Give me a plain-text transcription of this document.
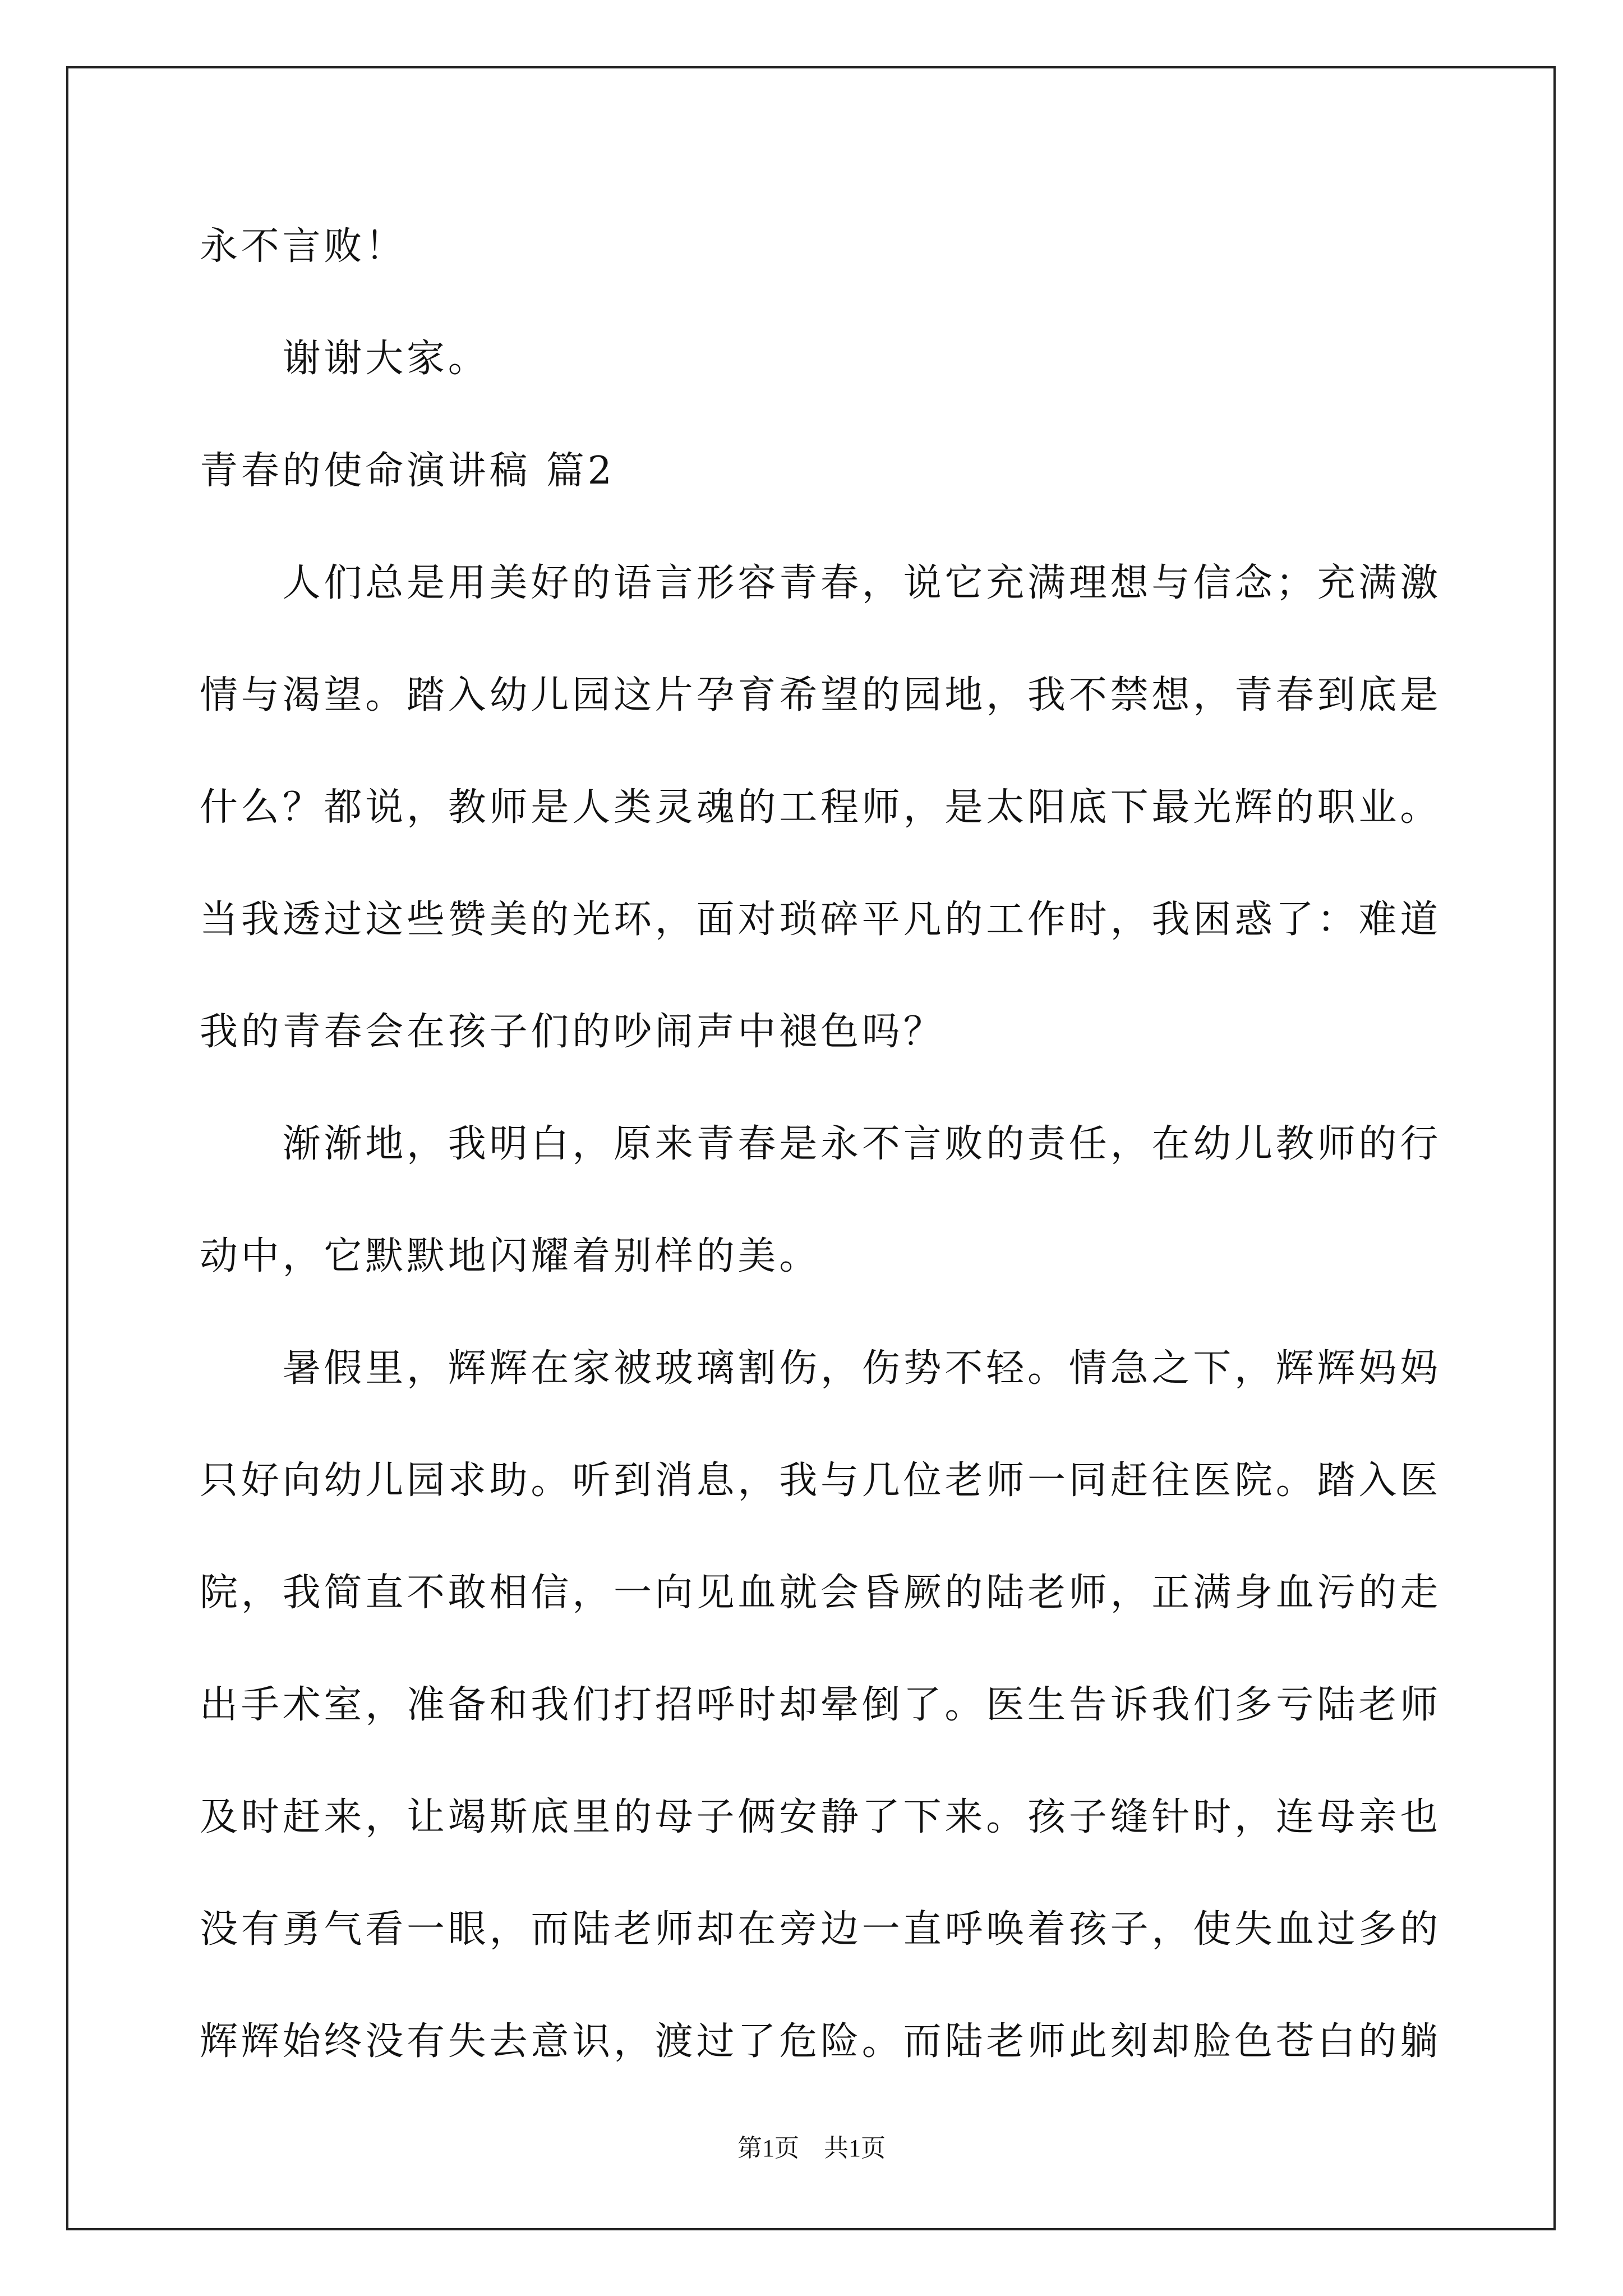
永不言败！

　　谢谢大家。

青春的使命演讲稿 篇2

　　人们总是用美好的语言形容青春，说它充满理想与信念；充满激

情与渴望。踏入幼儿园这片孕育希望的园地，我不禁想，青春到底是

什么？都说，教师是人类灵魂的工程师，是太阳底下最光辉的职业。

当我透过这些赞美的光环，面对琐碎平凡的工作时，我困惑了：难道

我的青春会在孩子们的吵闹声中褪色吗？

　　渐渐地，我明白，原来青春是永不言败的责任，在幼儿教师的行

动中，它默默地闪耀着别样的美。

　　暑假里，辉辉在家被玻璃割伤，伤势不轻。情急之下，辉辉妈妈

只好向幼儿园求助。听到消息，我与几位老师一同赶往医院。踏入医

院，我简直不敢相信，一向见血就会昏厥的陆老师，正满身血污的走

出手术室，准备和我们打招呼时却晕倒了。医生告诉我们多亏陆老师

及时赶来，让竭斯底里的母子俩安静了下来。孩子缝针时，连母亲也

没有勇气看一眼，而陆老师却在旁边一直呼唤着孩子，使失血过多的

辉辉始终没有失去意识，渡过了危险。而陆老师此刻却脸色苍白的躺

第1页　共1页
